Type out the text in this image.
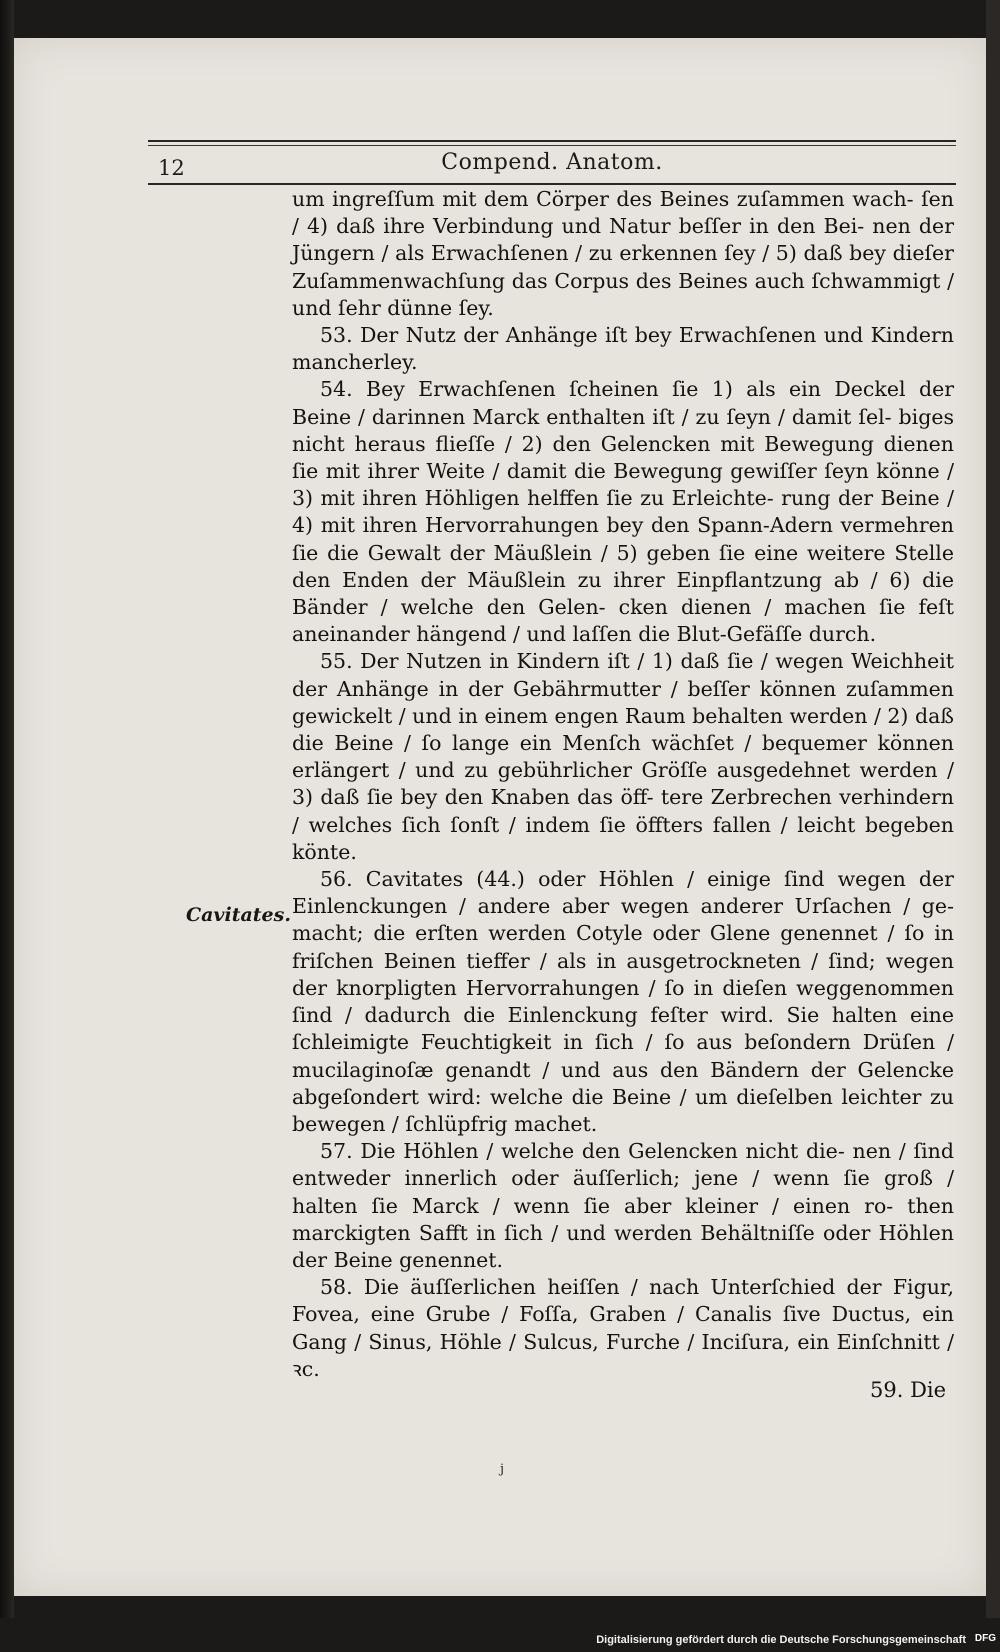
12	Compend. Anatom.
Cavitates.

um ingreſſum mit dem Cörper des Beines zuſammen wach- ſen / 4) daß ihre Verbindung und Natur beſſer in den Bei- nen der Jüngern / als Erwachſenen / zu erkennen ſey / 5) daß bey dieſer Zuſammenwachſung das Corpus des Beines auch ſchwammigt / und ſehr dünne ſey.

53. Der Nutz der Anhänge iſt bey Erwachſenen und Kindern mancherley.

54. Bey Erwachſenen ſcheinen ſie 1) als ein Deckel der Beine / darinnen Marck enthalten iſt / zu ſeyn / damit ſel- biges nicht heraus flieſſe / 2) den Gelencken mit Bewegung dienen ſie mit ihrer Weite / damit die Bewegung gewiſſer ſeyn könne / 3) mit ihren Höhligen helffen ſie zu Erleichte- rung der Beine / 4) mit ihren Hervorrahungen bey den Spann-Adern vermehren ſie die Gewalt der Mäußlein / 5) geben ſie eine weitere Stelle den Enden der Mäußlein zu ihrer Einpflantzung ab / 6) die Bänder / welche den Gelen- cken dienen / machen ſie feſt aneinander hängend / und laſſen die Blut-Gefäſſe durch.

55. Der Nutzen in Kindern iſt / 1) daß ſie / wegen Weichheit der Anhänge in der Gebährmutter / beſſer können zuſammen gewickelt / und in einem engen Raum behalten werden / 2) daß die Beine / ſo lange ein Menſch wächſet / bequemer können erlängert / und zu gebührlicher Gröſſe ausgedehnet werden / 3) daß ſie bey den Knaben das öff- tere Zerbrechen verhindern / welches ſich ſonſt / indem ſie öffters fallen / leicht begeben könte.

56. Cavitates (44.) oder Höhlen / einige ſind wegen der Einlenckungen / andere aber wegen anderer Urſachen / ge- macht; die erſten werden Cotyle oder Glene genennet / ſo in friſchen Beinen tieffer / als in ausgetrockneten / ſind; wegen der knorpligten Hervorrahungen / ſo in dieſen weggenommen ſind / dadurch die Einlenckung feſter wird. Sie halten eine ſchleimigte Feuchtigkeit in ſich / ſo aus beſondern Drüſen / mucilaginoſæ genandt / und aus den Bändern der Gelencke abgeſondert wird: welche die Beine / um dieſelben leichter zu bewegen / ſchlüpfrig machet.

57. Die Höhlen / welche den Gelencken nicht die- nen / ſind entweder innerlich oder äuſſerlich; jene / wenn ſie groß / halten ſie Marck / wenn ſie aber kleiner / einen ro- then marckigten Safft in ſich / und werden Behältniſſe oder Höhlen der Beine genennet.

58. Die äuſſerlichen heiſſen / nach Unterſchied der Figur, Fovea, eine Grube / Foſſa, Graben / Canalis ſive Ductus, ein Gang / Sinus, Höhle / Sulcus, Furche / Inciſura, ein Einſchnitt / ꝛc.

59. Die
j
Digitalisierung gefördert durch die Deutsche Forschungsgemeinschaft DFG
